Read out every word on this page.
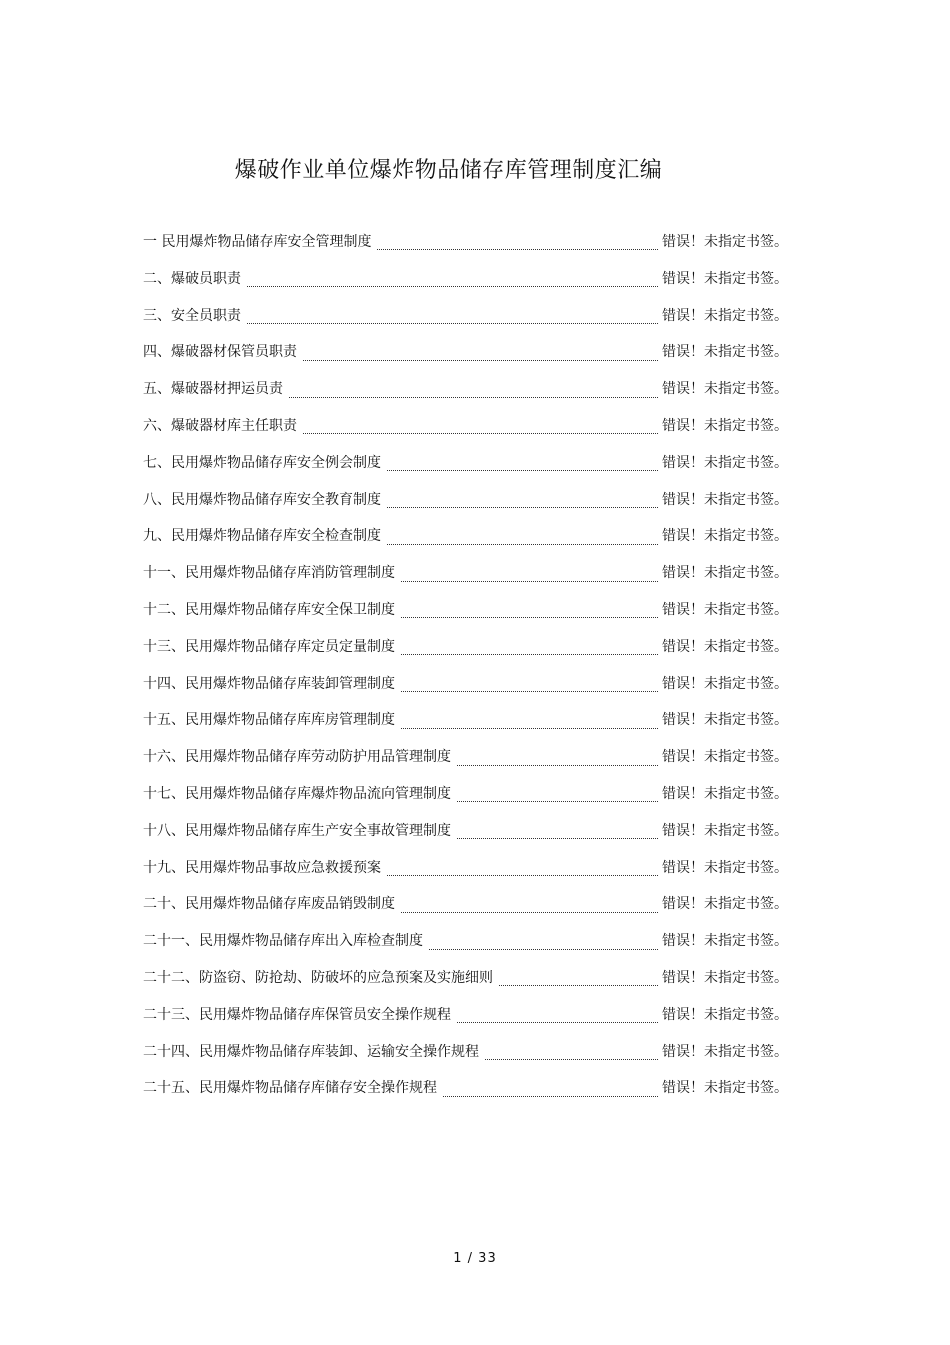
爆破作业单位爆炸物品储存库管理制度汇编
一 民用爆炸物品储存库安全管理制度	错误！未指定书签。
二、爆破员职责	错误！未指定书签。
三、安全员职责	错误！未指定书签。
四、爆破器材保管员职责	错误！未指定书签。
五、爆破器材押运员责	错误！未指定书签。
六、爆破器材库主任职责	错误！未指定书签。
七、民用爆炸物品储存库安全例会制度	错误！未指定书签。
八、民用爆炸物品储存库安全教育制度	错误！未指定书签。
九、民用爆炸物品储存库安全检查制度	错误！未指定书签。
十一、民用爆炸物品储存库消防管理制度	错误！未指定书签。
十二、民用爆炸物品储存库安全保卫制度	错误！未指定书签。
十三、民用爆炸物品储存库定员定量制度	错误！未指定书签。
十四、民用爆炸物品储存库装卸管理制度	错误！未指定书签。
十五、民用爆炸物品储存库库房管理制度	错误！未指定书签。
十六、民用爆炸物品储存库劳动防护用品管理制度	错误！未指定书签。
十七、民用爆炸物品储存库爆炸物品流向管理制度	错误！未指定书签。
十八、民用爆炸物品储存库生产安全事故管理制度	错误！未指定书签。
十九、民用爆炸物品事故应急救援预案	错误！未指定书签。
二十、民用爆炸物品储存库废品销毁制度	错误！未指定书签。
二十一、民用爆炸物品储存库出入库检查制度	错误！未指定书签。
二十二、防盗窃、防抢劫、防破坏的应急预案及实施细则	错误！未指定书签。
二十三、民用爆炸物品储存库保管员安全操作规程	错误！未指定书签。
二十四、民用爆炸物品储存库装卸、运输安全操作规程	错误！未指定书签。
二十五、民用爆炸物品储存库储存安全操作规程	错误！未指定书签。
1 / 33
